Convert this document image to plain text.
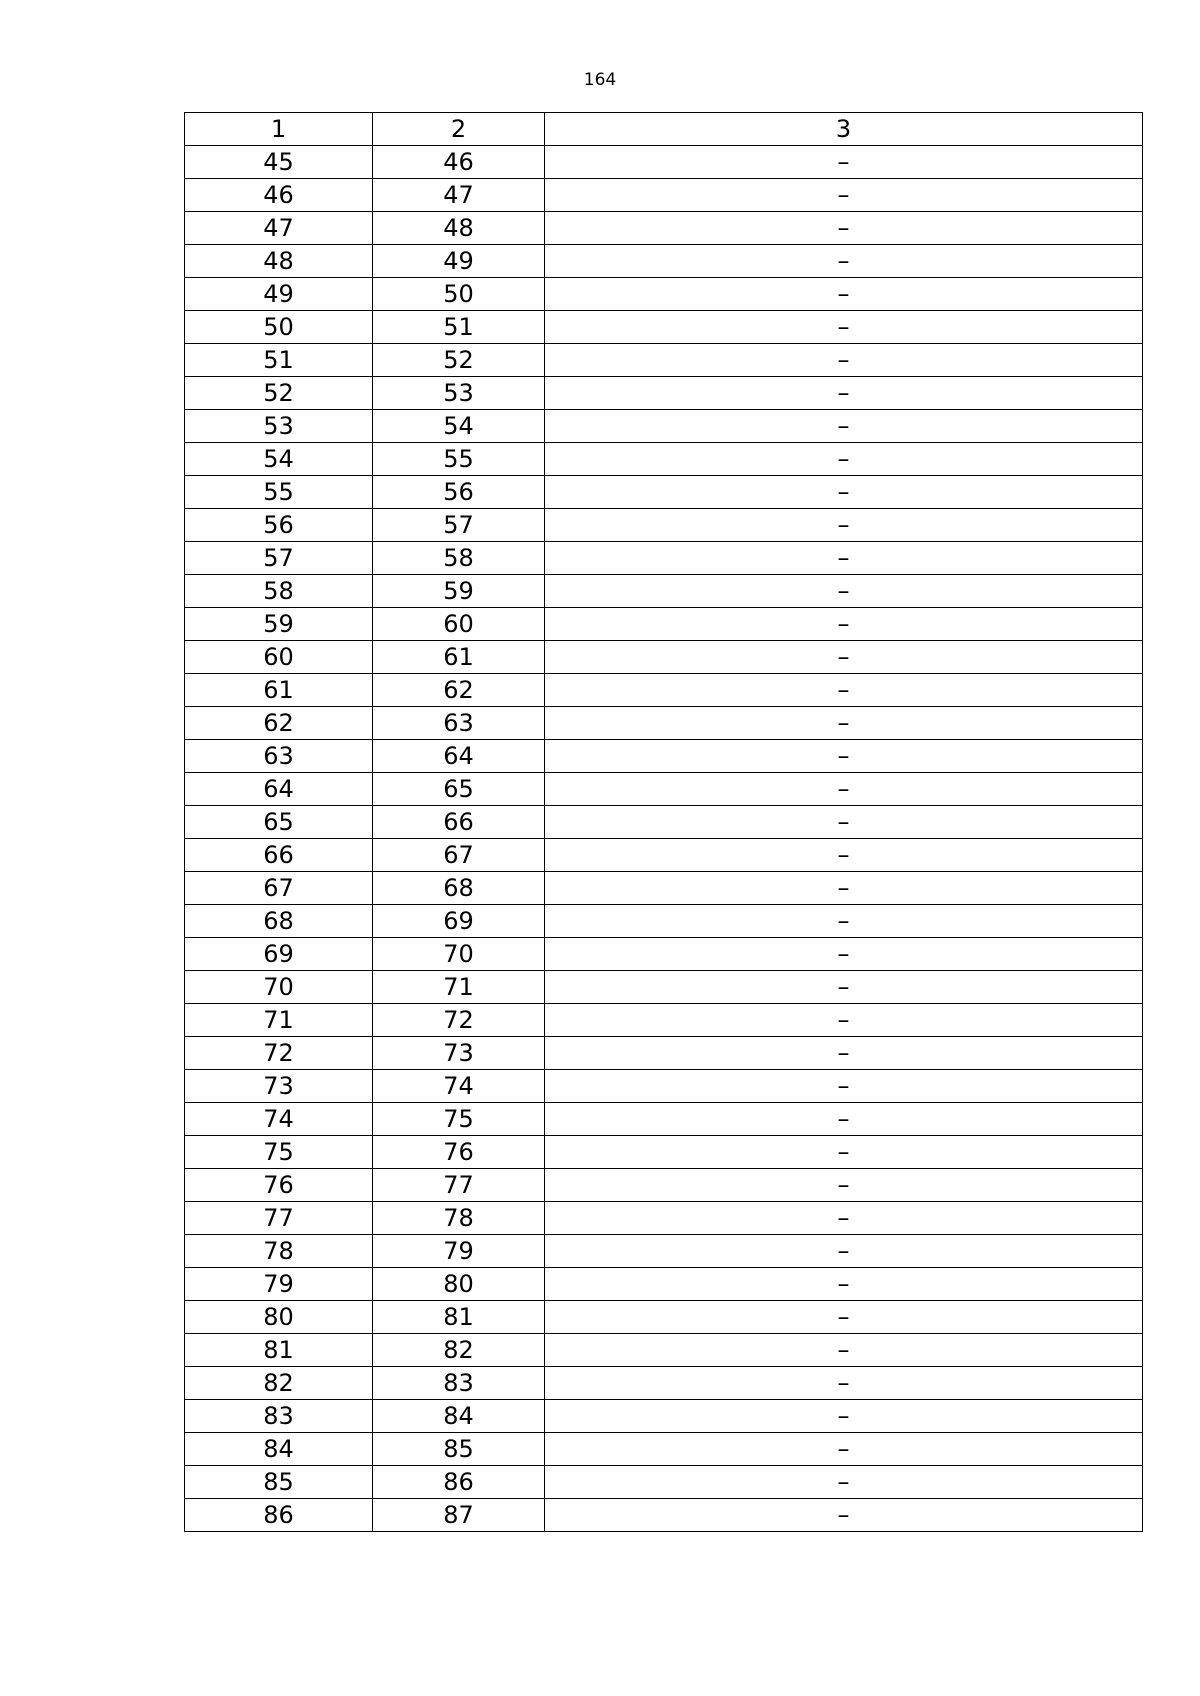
164
1	2	3
45	46	–
46	47	–
47	48	–
48	49	–
49	50	–
50	51	–
51	52	–
52	53	–
53	54	–
54	55	–
55	56	–
56	57	–
57	58	–
58	59	–
59	60	–
60	61	–
61	62	–
62	63	–
63	64	–
64	65	–
65	66	–
66	67	–
67	68	–
68	69	–
69	70	–
70	71	–
71	72	–
72	73	–
73	74	–
74	75	–
75	76	–
76	77	–
77	78	–
78	79	–
79	80	–
80	81	–
81	82	–
82	83	–
83	84	–
84	85	–
85	86	–
86	87	–
